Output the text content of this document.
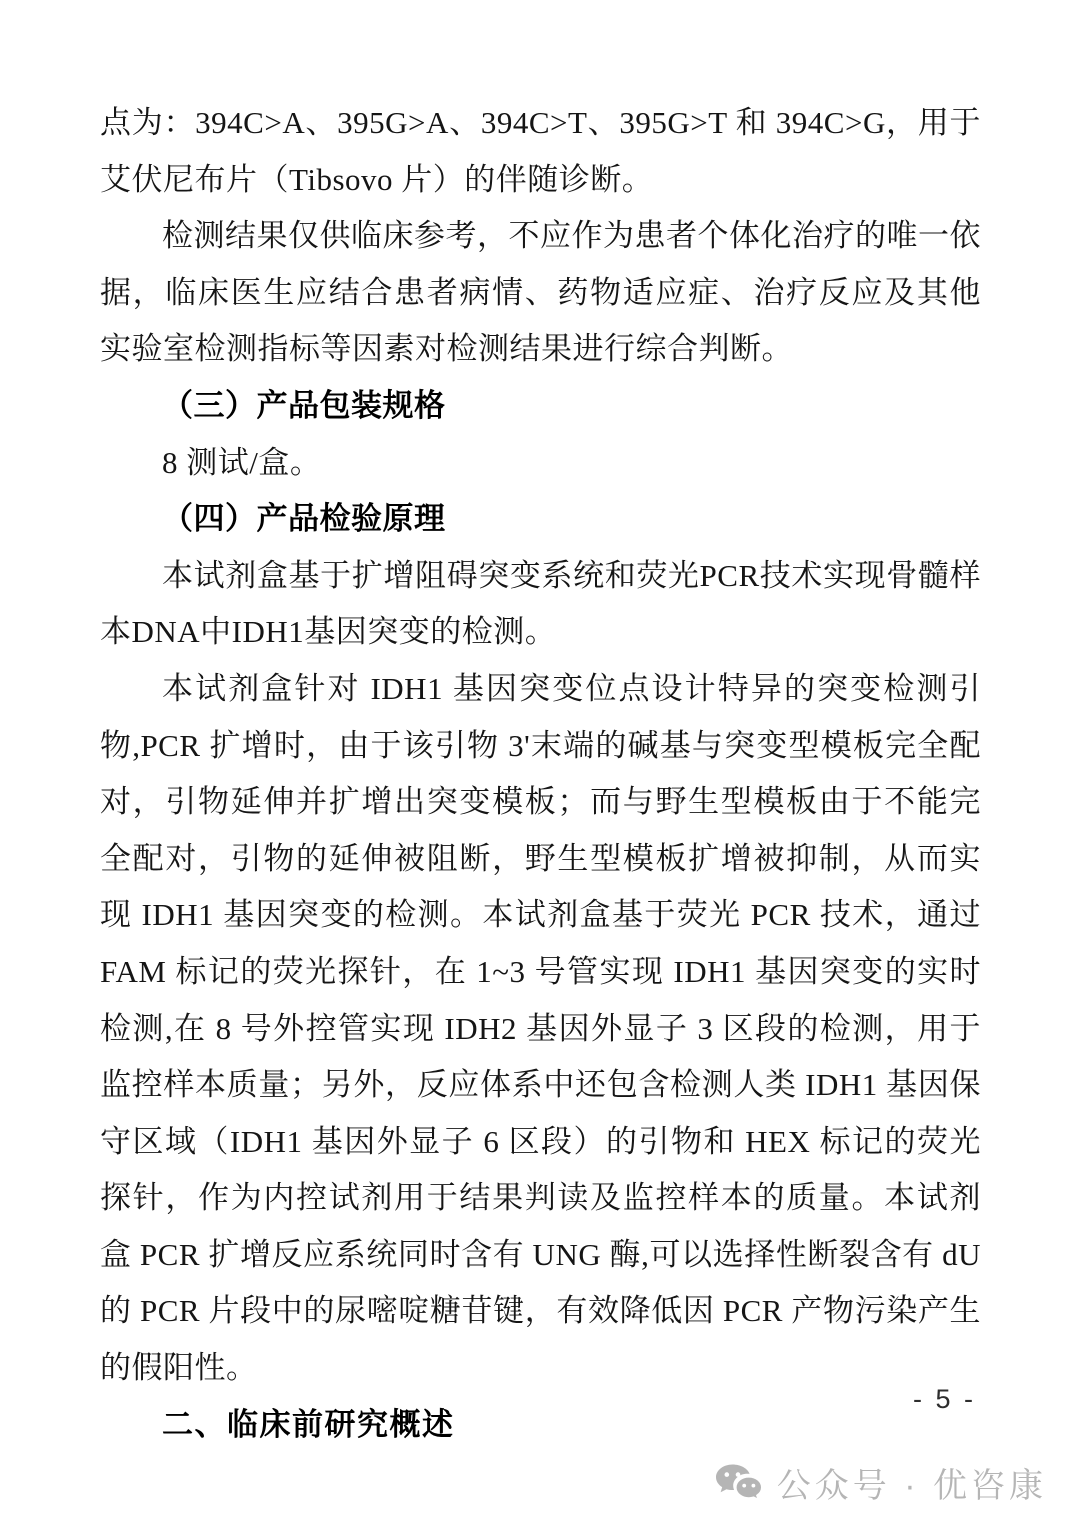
点为：394C>A、395G>A、394C>T、395G>T 和 394C>G，用于艾伏尼布片（Tibsovo 片）的伴随诊断。

检测结果仅供临床参考，不应作为患者个体化治疗的唯一依据，临床医生应结合患者病情、药物适应症、治疗反应及其他实验室检测指标等因素对检测结果进行综合判断。

（三）产品包装规格

8 测试/盒。

（四）产品检验原理

本试剂盒基于扩增阻碍突变系统和荧光PCR技术实现骨髓样本DNA中IDH1基因突变的检测。

本试剂盒针对 IDH1 基因突变位点设计特异的突变检测引物,PCR 扩增时，由于该引物 3'末端的碱基与突变型模板完全配对，引物延伸并扩增出突变模板；而与野生型模板由于不能完全配对，引物的延伸被阻断，野生型模板扩增被抑制，从而实现 IDH1 基因突变的检测。本试剂盒基于荧光 PCR 技术，通过 FAM 标记的荧光探针，在 1~3 号管实现 IDH1 基因突变的实时检测,在 8 号外控管实现 IDH2 基因外显子 3 区段的检测，用于监控样本质量；另外，反应体系中还包含检测人类 IDH1 基因保守区域（IDH1 基因外显子 6 区段）的引物和 HEX 标记的荧光探针，作为内控试剂用于结果判读及监控样本的质量。本试剂盒 PCR 扩增反应系统同时含有 UNG 酶,可以选择性断裂含有 dU 的 PCR 片段中的尿嘧啶糖苷键，有效降低因 PCR 产物污染产生的假阳性。

二、临床前研究概述

- 5 -
公众号 · 优咨康
